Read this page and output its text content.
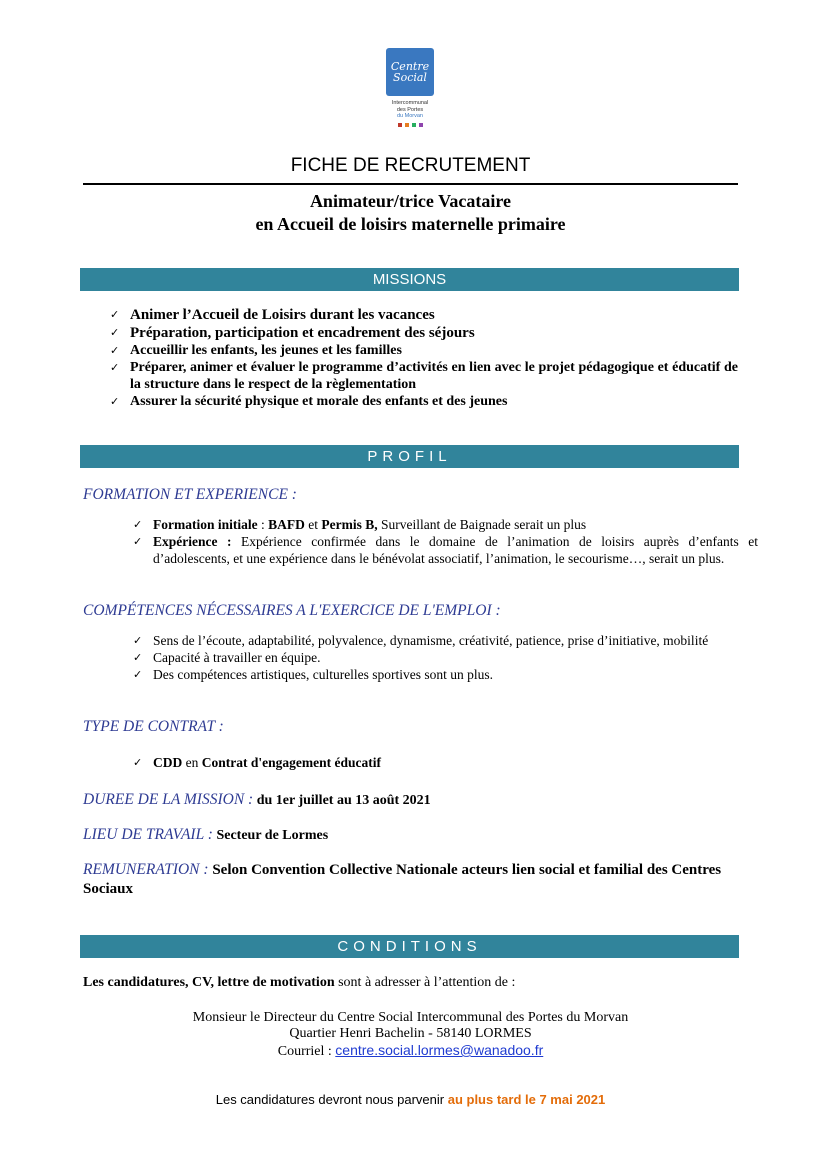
Centre
Social
Intercommunal
des Portes
du Morvan
FICHE DE RECRUTEMENT
Animateur/trice Vacataire
en Accueil de loisirs maternelle primaire
MISSIONS
✓ Animer l’Accueil de Loisirs durant les vacances
✓ Préparation, participation et encadrement des séjours
✓ Accueillir les enfants, les jeunes et les familles
✓ Préparer, animer et évaluer le programme d’activités en lien avec le projet pédagogique et éducatif de la structure dans le respect de la règlementation
✓ Assurer la sécurité physique et morale des enfants et des jeunes
PROFIL
FORMATION ET EXPERIENCE :
✓ Formation initiale : BAFD et Permis B, Surveillant de Baignade serait un plus
✓ Expérience : Expérience confirmée dans le domaine de l’animation de loisirs auprès d’enfants et d’adolescents, et une expérience dans le bénévolat associatif, l’animation, le secourisme…, serait un plus.
COMPÉTENCES NÉCESSAIRES A L'EXERCICE DE L'EMPLOI :
✓ Sens de l’écoute, adaptabilité, polyvalence, dynamisme, créativité, patience, prise d’initiative, mobilité
✓ Capacité à travailler en équipe.
✓ Des compétences artistiques, culturelles sportives sont un plus.
TYPE DE CONTRAT :
✓ CDD en Contrat d'engagement éducatif
DUREE DE LA MISSION : du 1er juillet au 13 août 2021
LIEU DE TRAVAIL : Secteur de Lormes
REMUNERATION : Selon Convention Collective Nationale acteurs lien social et familial des Centres Sociaux
CONDITIONS
Les candidatures, CV, lettre de motivation sont à adresser à l’attention de :
Monsieur le Directeur du Centre Social Intercommunal des Portes du Morvan
Quartier Henri Bachelin - 58140 LORMES
Courriel : centre.social.lormes@wanadoo.fr
Les candidatures devront nous parvenir au plus tard le 7 mai 2021
